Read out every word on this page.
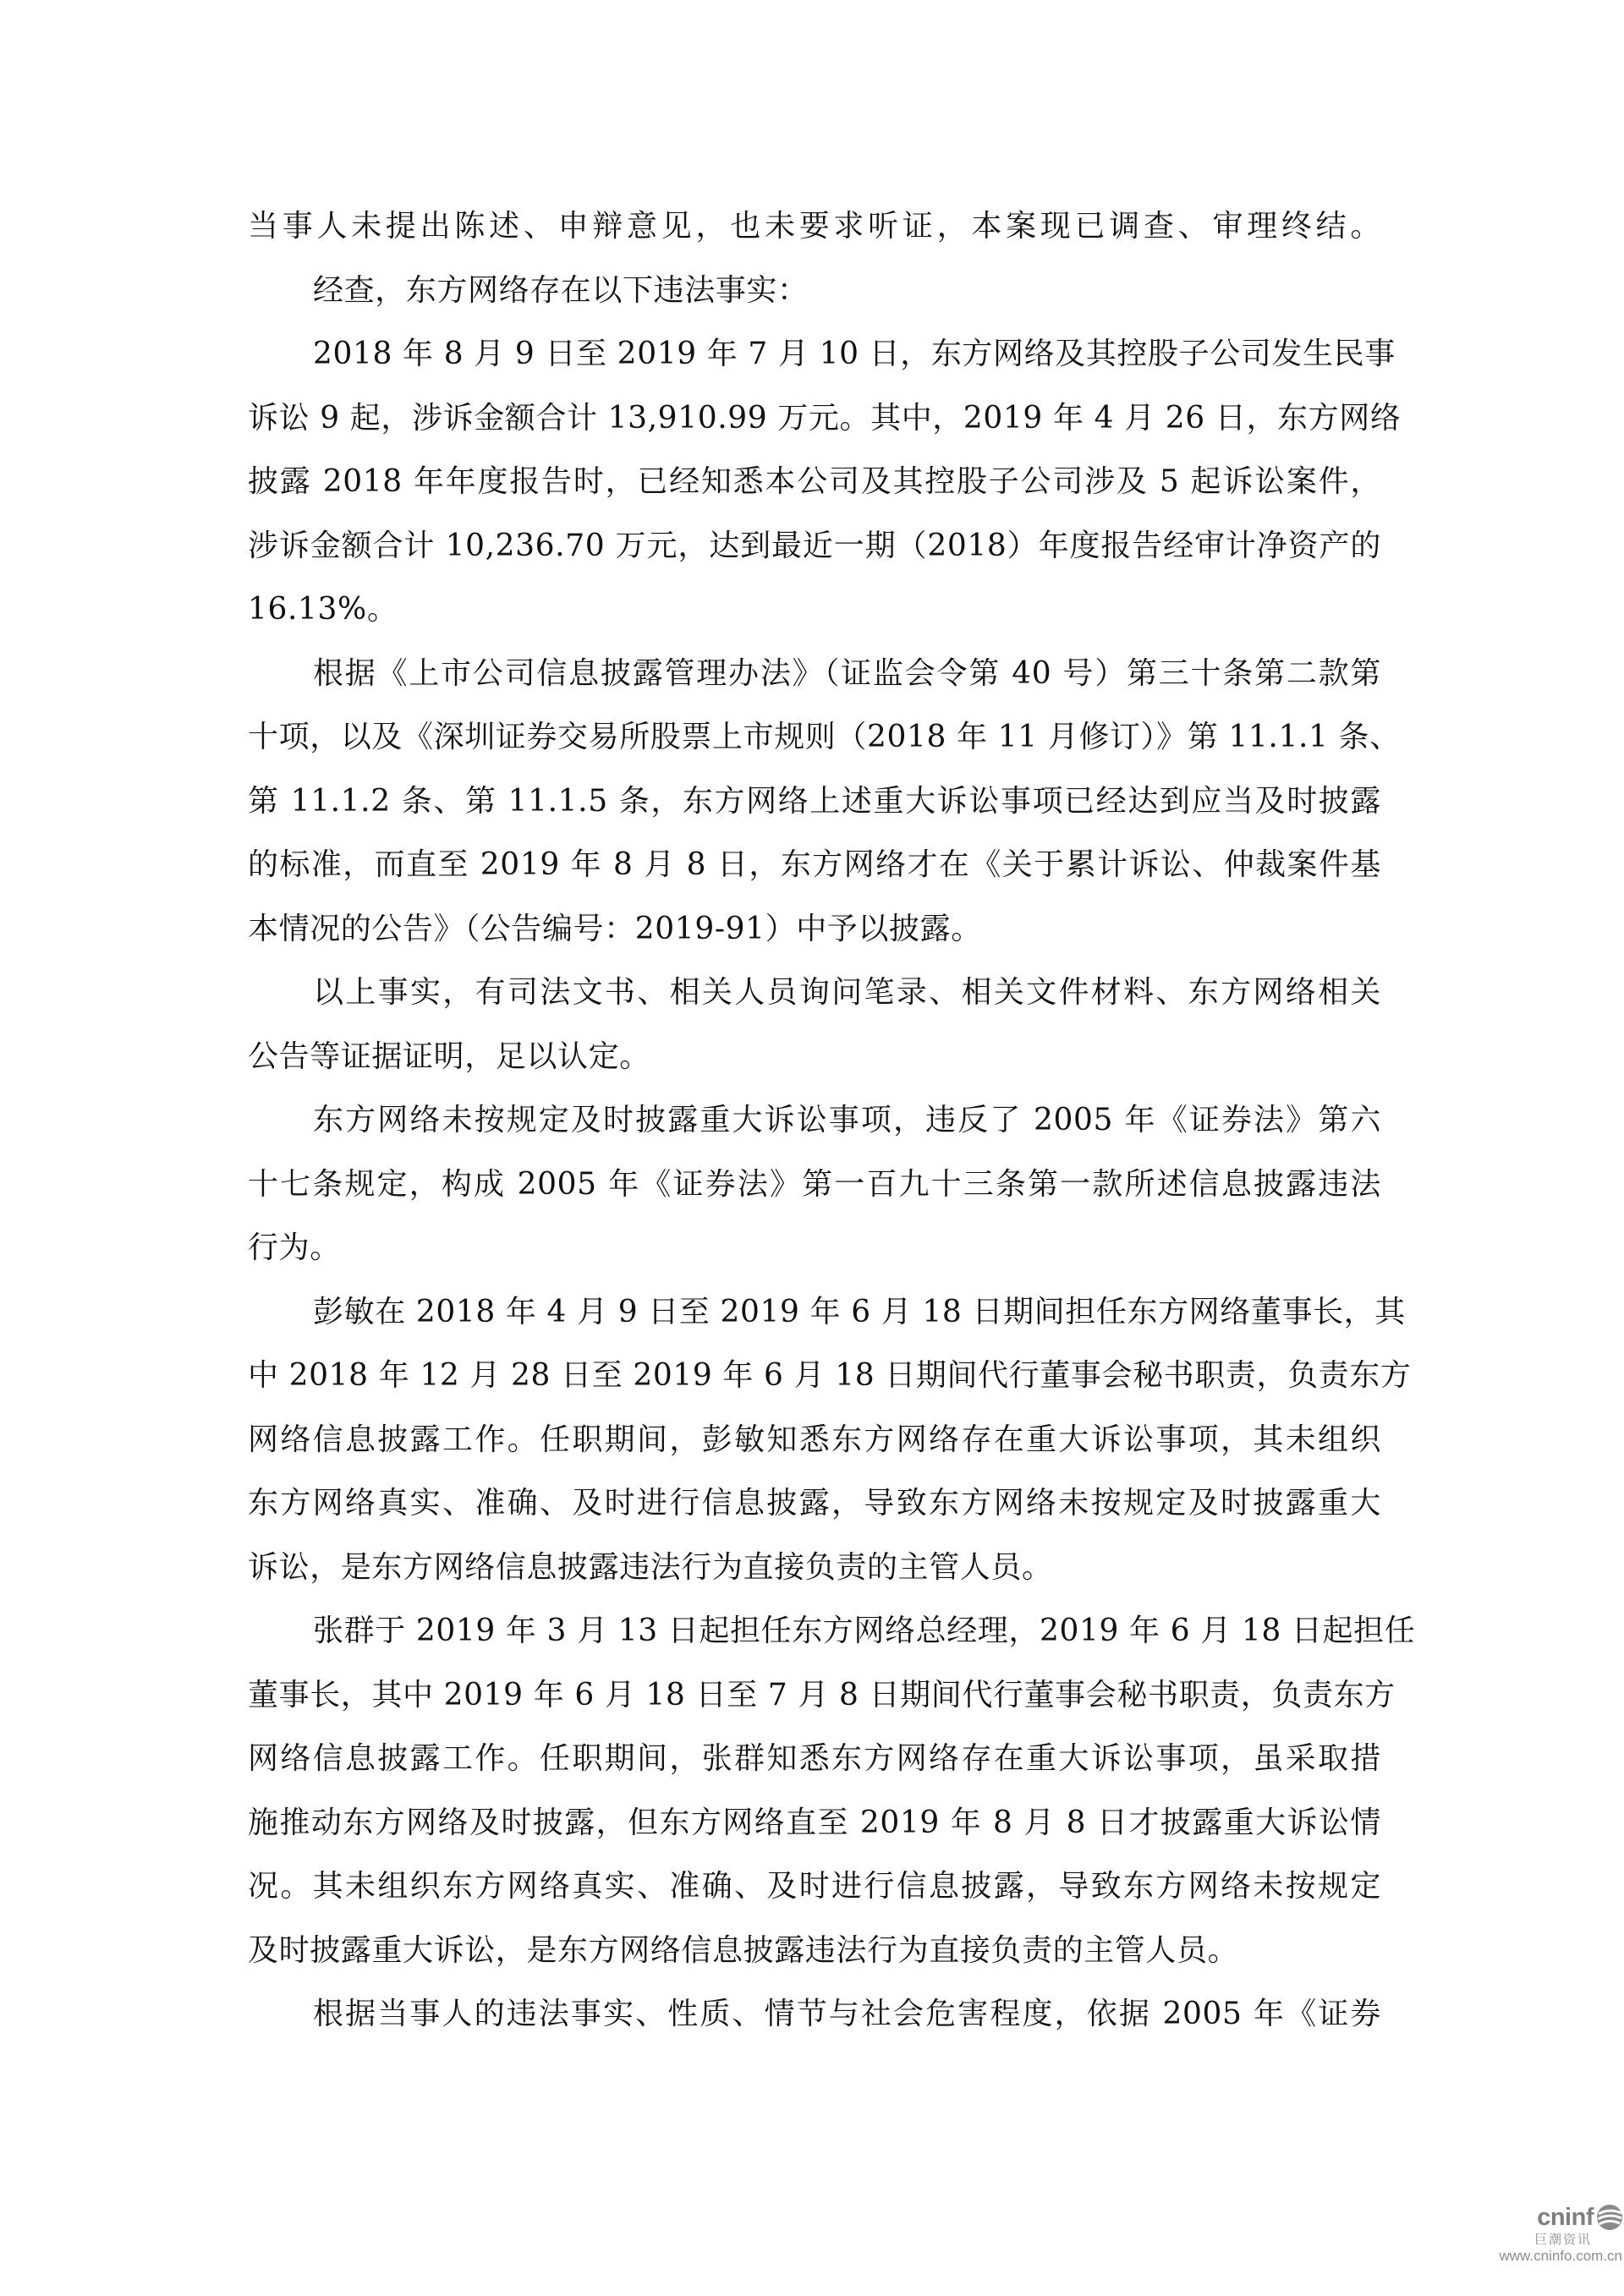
当事人未提出陈述、申辩意见，也未要求听证，本案现已调查、审理终结。
经查，东方网络存在以下违法事实：
2018 年 8 月 9 日至 2019 年 7 月 10 日，东方网络及其控股子公司发生民事
诉讼 9 起，涉诉金额合计 13,910.99 万元。其中，2019 年 4 月 26 日，东方网络
披露 2018 年年度报告时，已经知悉本公司及其控股子公司涉及 5 起诉讼案件，
涉诉金额合计 10,236.70 万元，达到最近一期（2018）年度报告经审计净资产的
16.13%。
根据《上市公司信息披露管理办法》（证监会令第 40 号）第三十条第二款第
十项，以及《深圳证券交易所股票上市规则（2018 年 11 月修订）》第 11.1.1 条、
第 11.1.2 条、第 11.1.5 条，东方网络上述重大诉讼事项已经达到应当及时披露
的标准，而直至 2019 年 8 月 8 日，东方网络才在《关于累计诉讼、仲裁案件基
本情况的公告》（公告编号：2019-91）中予以披露。
以上事实，有司法文书、相关人员询问笔录、相关文件材料、东方网络相关
公告等证据证明，足以认定。
东方网络未按规定及时披露重大诉讼事项，违反了 2005 年《证券法》第六
十七条规定，构成 2005 年《证券法》第一百九十三条第一款所述信息披露违法
行为。
彭敏在 2018 年 4 月 9 日至 2019 年 6 月 18 日期间担任东方网络董事长，其
中 2018 年 12 月 28 日至 2019 年 6 月 18 日期间代行董事会秘书职责，负责东方
网络信息披露工作。任职期间，彭敏知悉东方网络存在重大诉讼事项，其未组织
东方网络真实、准确、及时进行信息披露，导致东方网络未按规定及时披露重大
诉讼，是东方网络信息披露违法行为直接负责的主管人员。
张群于 2019 年 3 月 13 日起担任东方网络总经理，2019 年 6 月 18 日起担任
董事长，其中 2019 年 6 月 18 日至 7 月 8 日期间代行董事会秘书职责，负责东方
网络信息披露工作。任职期间，张群知悉东方网络存在重大诉讼事项，虽采取措
施推动东方网络及时披露，但东方网络直至 2019 年 8 月 8 日才披露重大诉讼情
况。其未组织东方网络真实、准确、及时进行信息披露，导致东方网络未按规定
及时披露重大诉讼，是东方网络信息披露违法行为直接负责的主管人员。
根据当事人的违法事实、性质、情节与社会危害程度，依据 2005 年《证券
cninf
巨潮资讯
www.cninfo.com.cn
